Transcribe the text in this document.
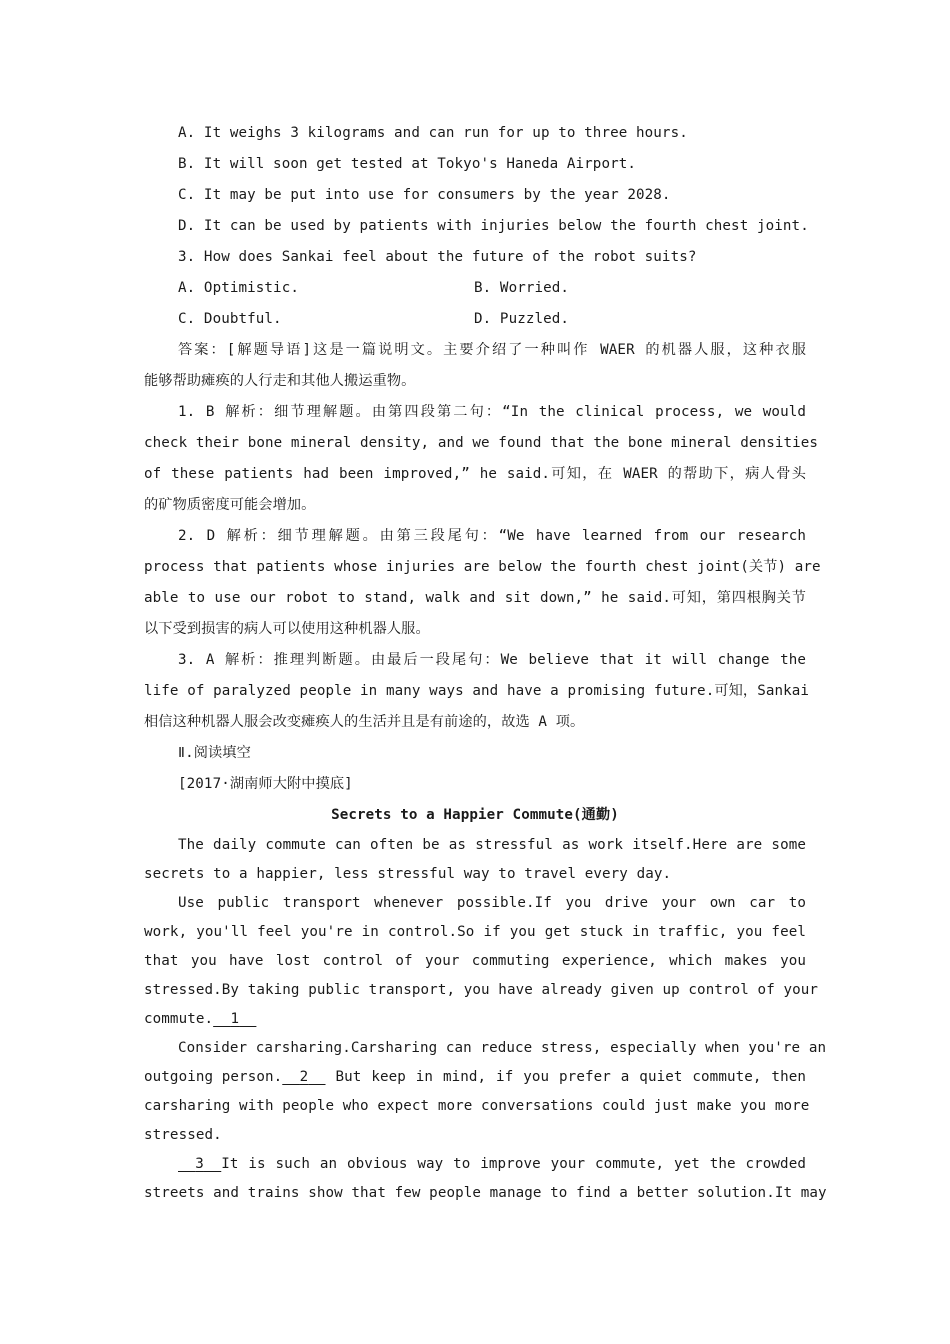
A. It weighs 3 kilograms and can run for up to three hours.
B. It will soon get tested at Tokyo's Haneda Airport.
C. It may be put into use for consumers by the year 2028.
D. It can be used by patients with injuries below the fourth chest joint.
3. How does Sankai feel about the future of the robot suits?
A. Optimistic.	B. Worried.
C. Doubtful.	D. Puzzled.
答案：[解题导语]这是一篇说明文。主要介绍了一种叫作 WAER 的机器人服，这种衣服
能够帮助瘫痪的人行走和其他人搬运重物。
1. B 解析：细节理解题。由第四段第二句：“In the clinical process, we would
check their bone mineral density, and we found that the bone mineral densities
of these patients had been improved,” he said.可知，在 WAER 的帮助下，病人骨头
的矿物质密度可能会增加。
2. D 解析：细节理解题。由第三段尾句：“We have learned from our research
process that patients whose injuries are below the fourth chest joint(关节) are
able to use our robot to stand, walk and sit down,” he said.可知，第四根胸关节
以下受到损害的病人可以使用这种机器人服。
3. A 解析：推理判断题。由最后一段尾句：We believe that it will change the
life of paralyzed people in many ways and have a promising future.可知，Sankai
相信这种机器人服会改变瘫痪人的生活并且是有前途的，故选 A 项。
Ⅱ.阅读填空
[2017·湖南师大附中摸底]
Secrets to a Happier Commute(通勤)
The daily commute can often be as stressful as work itself.Here are some
secrets to a happier, less stressful way to travel every day.
Use public transport whenever possible.If you drive your own car to
work, you'll feel you're in control.So if you get stuck in traffic, you feel
that you have lost control of your commuting experience, which makes you
stressed.By taking public transport, you have already given up control of your
commute. 1
Consider carsharing.Carsharing can reduce stress, especially when you're an
outgoing person.	2	But keep in mind, if you prefer a quiet commute, then
carsharing with people who expect more conversations could just make you more
stressed.
3	It is such an obvious way to improve your commute, yet the crowded
streets and trains show that few people manage to find a better solution.It may
